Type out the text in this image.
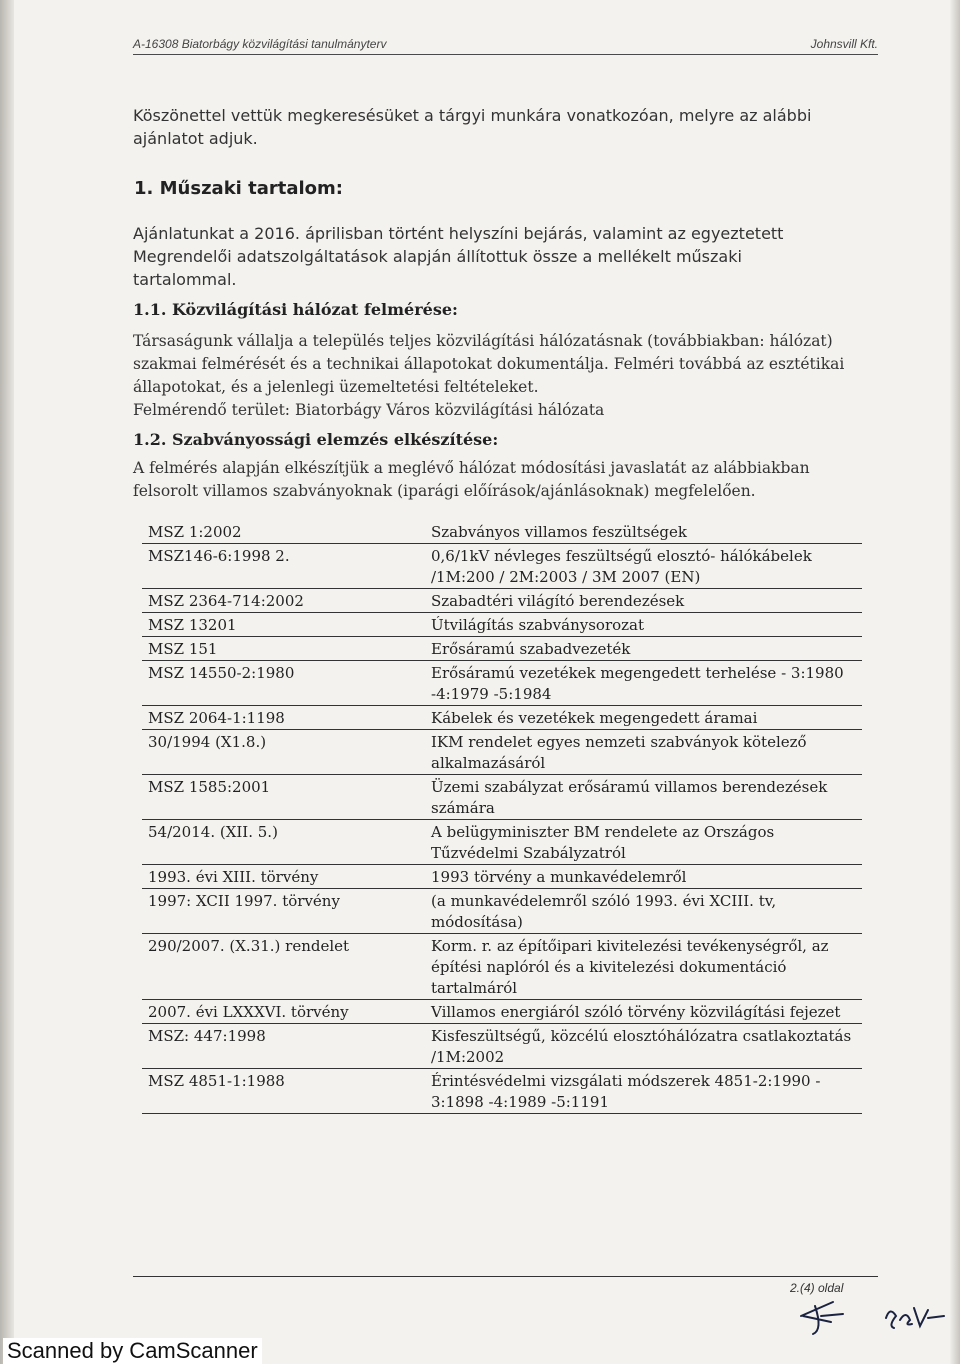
A-16308 Biatorbágy közvilágítási tanulmányterv	Johnsvill Kft.
Köszönettel vettük megkeresésüket a tárgyi munkára vonatkozóan, melyre az alábbi ajánlatot adjuk.
1. Műszaki tartalom:
Ajánlatunkat a 2016. áprilisban történt helyszíni bejárás, valamint az egyeztetett Megrendelői adatszolgáltatások alapján állítottuk össze a mellékelt műszaki tartalommal.
1.1. Közvilágítási hálózat felmérése:
Társaságunk vállalja a település teljes közvilágítási hálózatásnak (továbbiakban: hálózat) szakmai felmérését és a technikai állapotokat dokumentálja. Felméri továbbá az esztétikai állapotokat, és a jelenlegi üzemeltetési feltételeket.
Felmérendő terület: Biatorbágy Város közvilágítási hálózata
1.2. Szabványossági elemzés elkészítése:
A felmérés alapján elkészítjük a meglévő hálózat módosítási javaslatát az alábbiakban felsorolt villamos szabványoknak (iparági előírások/ajánlásoknak) megfelelően.
MSZ 1:2002	Szabványos villamos feszültségek

MSZ146-6:1998 2.	0,6/1kV névleges feszültségű elosztó- hálókábelek /1M:200 / 2M:2003 / 3M 2007 (EN)

MSZ 2364-714:2002	Szabadtéri világító berendezések

MSZ 13201	Útvilágítás szabványsorozat

MSZ 151	Erősáramú szabadvezeték

MSZ 14550-2:1980	Erősáramú vezetékek megengedett terhelése - 3:1980 -4:1979 -5:1984

MSZ 2064-1:1198	Kábelek és vezetékek megengedett áramai

30/1994 (X1.8.)	IKM rendelet egyes nemzeti szabványok kötelező alkalmazásáról

MSZ 1585:2001	Üzemi szabályzat erősáramú villamos berendezések számára

54/2014. (XII. 5.)	A belügyminiszter BM rendelete az Országos Tűzvédelmi Szabályzatról

1993. évi XIII. törvény	1993 törvény a munkavédelemről

1997: XCII 1997. törvény	(a munkavédelemről szóló 1993. évi XCIII. tv, módosítása)

290/2007. (X.31.) rendelet	Korm. r. az építőipari kivitelezési tevékenységről, az építési naplóról és a kivitelezési dokumentáció tartalmáról

2007. évi LXXXVI. törvény	Villamos energiáról szóló törvény közvilágítási fejezet

MSZ: 447:1998	Kisfeszültségű, közcélú elosztóhálózatra csatlakoztatás /1M:2002

MSZ 4851-1:1988	Érintésvédelmi vizsgálati módszerek 4851-2:1990 - 3:1898 -4:1989 -5:1191

2.(4) oldal
Scanned by CamScanner
